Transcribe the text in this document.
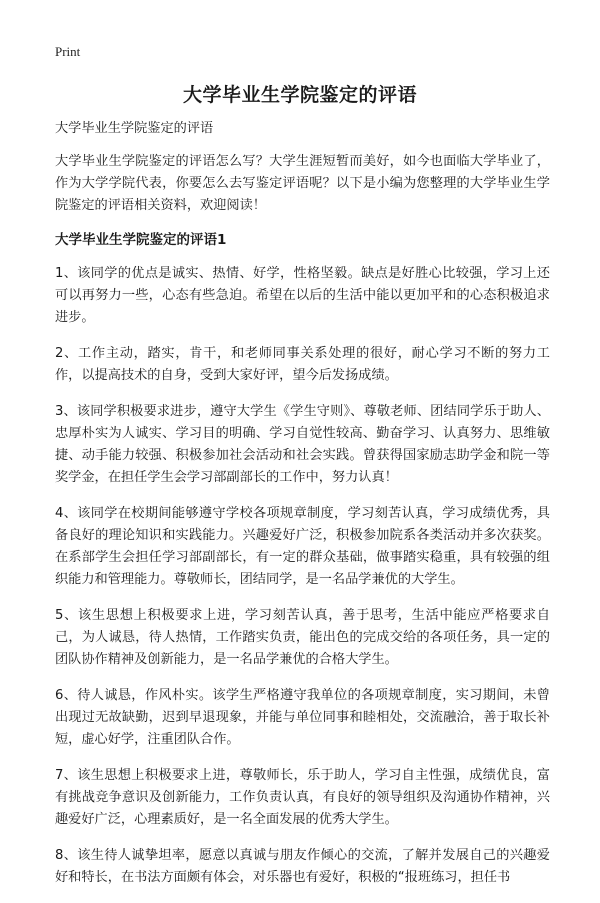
Print
大学毕业生学院鉴定的评语

大学毕业生学院鉴定的评语

大学毕业生学院鉴定的评语怎么写？大学生涯短暂而美好，如今也面临大学毕业了，作为大学学院代表，你要怎么去写鉴定评语呢？以下是小编为您整理的大学毕业生学院鉴定的评语相关资料，欢迎阅读！

大学毕业生学院鉴定的评语1

1、该同学的优点是诚实、热情、好学，性格坚毅。缺点是好胜心比较强，学习上还可以再努力一些，心态有些急迫。希望在以后的生活中能以更加平和的心态积极追求进步。

2、工作主动，踏实，肯干，和老师同事关系处理的很好，耐心学习不断的努力工作，以提高技术的自身，受到大家好评，望今后发扬成绩。

3、该同学积极要求进步，遵守大学生《学生守则》、尊敬老师、团结同学乐于助人、忠厚朴实为人诚实、学习目的明确、学习自觉性较高、勤奋学习、认真努力、思维敏捷、动手能力较强、积极参加社会活动和社会实践。曾获得国家励志助学金和院一等奖学金，在担任学生会学习部副部长的工作中，努力认真！

4、该同学在校期间能够遵守学校各项规章制度，学习刻苦认真，学习成绩优秀，具备良好的理论知识和实践能力。兴趣爱好广泛，积极参加院系各类活动并多次获奖。在系部学生会担任学习部副部长，有一定的群众基础，做事踏实稳重，具有较强的组织能力和管理能力。尊敬师长，团结同学，是一名品学兼优的大学生。

5、该生思想上积极要求上进，学习刻苦认真，善于思考，生活中能应严格要求自己，为人诚恳，待人热情，工作踏实负责，能出色的完成交给的各项任务，具一定的团队协作精神及创新能力，是一名品学兼优的合格大学生。

6、待人诚恳，作风朴实。该学生严格遵守我单位的各项规章制度，实习期间，未曾出现过无故缺勤，迟到早退现象，并能与单位同事和睦相处，交流融洽，善于取长补短，虚心好学，注重团队合作。

7、该生思想上积极要求上进，尊敬师长，乐于助人，学习自主性强，成绩优良，富有挑战竞争意识及创新能力，工作负责认真，有良好的领导组织及沟通协作精神，兴趣爱好广泛，心理素质好，是一名全面发展的优秀大学生。

8、该生待人诚挚坦率，愿意以真诚与朋友作倾心的交流，了解并发展自己的兴趣爱好和特长，在书法方面颇有体会，对乐器也有爱好，积极的“报班练习，担任书
